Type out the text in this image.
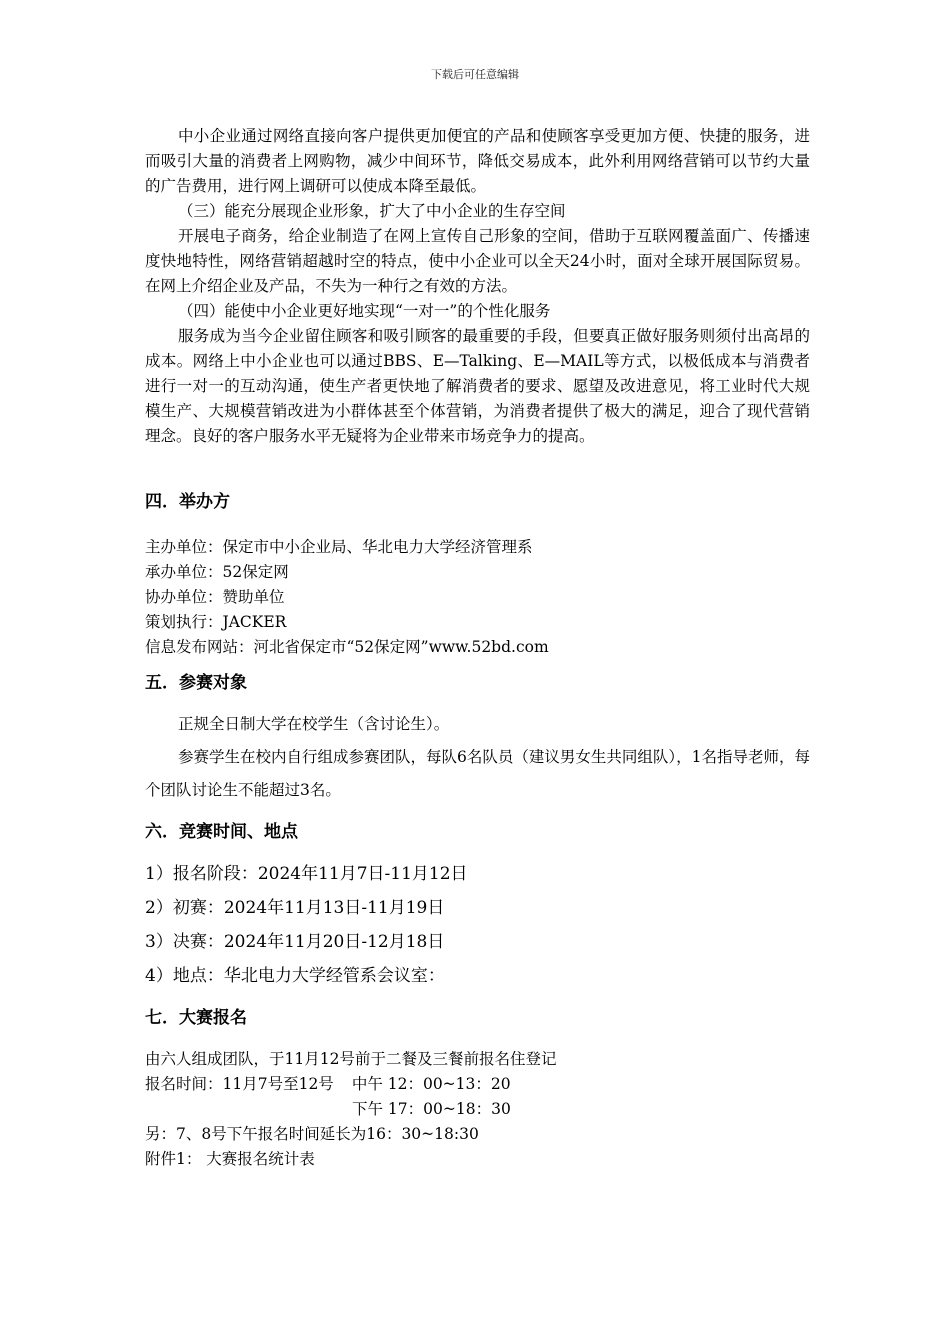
下载后可任意编辑

中小企业通过网络直接向客户提供更加便宜的产品和使顾客享受更加方便、快捷的服务，进而吸引大量的消费者上网购物，减少中间环节，降低交易成本，此外利用网络营销可以节约大量的广告费用，进行网上调研可以使成本降至最低。

（三）能充分展现企业形象，扩大了中小企业的生存空间

开展电子商务，给企业制造了在网上宣传自己形象的空间，借助于互联网覆盖面广、传播速度快地特性，网络营销超越时空的特点，使中小企业可以全天24小时，面对全球开展国际贸易。在网上介绍企业及产品，不失为一种行之有效的方法。

（四）能使中小企业更好地实现“一对一”的个性化服务

服务成为当今企业留住顾客和吸引顾客的最重要的手段，但要真正做好服务则须付出高昂的成本。网络上中小企业也可以通过BBS、E—Talking、E—MAIL等方式，以极低成本与消费者进行一对一的互动沟通，使生产者更快地了解消费者的要求、愿望及改进意见，将工业时代大规模生产、大规模营销改进为小群体甚至个体营销，为消费者提供了极大的满足，迎合了现代营销理念。良好的客户服务水平无疑将为企业带来市场竞争力的提高。

四．举办方

主办单位：保定市中小企业局、华北电力大学经济管理系

承办单位：52保定网

协办单位：赞助单位

策划执行：JACKER

信息发布网站：河北省保定市“52保定网”www.52bd.com

五．参赛对象

正规全日制大学在校学生（含讨论生）。

参赛学生在校内自行组成参赛团队，每队6名队员（建议男女生共同组队），1名指导老师，每个团队讨论生不能超过3名。

六．竞赛时间、地点

1）报名阶段：2024年11月7日-11月12日

2）初赛：2024年11月13日-11月19日

3）决赛：2024年11月20日-12月18日

4）地点：华北电力大学经管系会议室：

七．大赛报名

由六人组成团队，于11月12号前于二餐及三餐前报名住登记

报名时间：11月7号至12号 中午 12：00~13：20

下午 17：00~18：30

另：7、8号下午报名时间延长为16：30~18:30

附件1： 大赛报名统计表
